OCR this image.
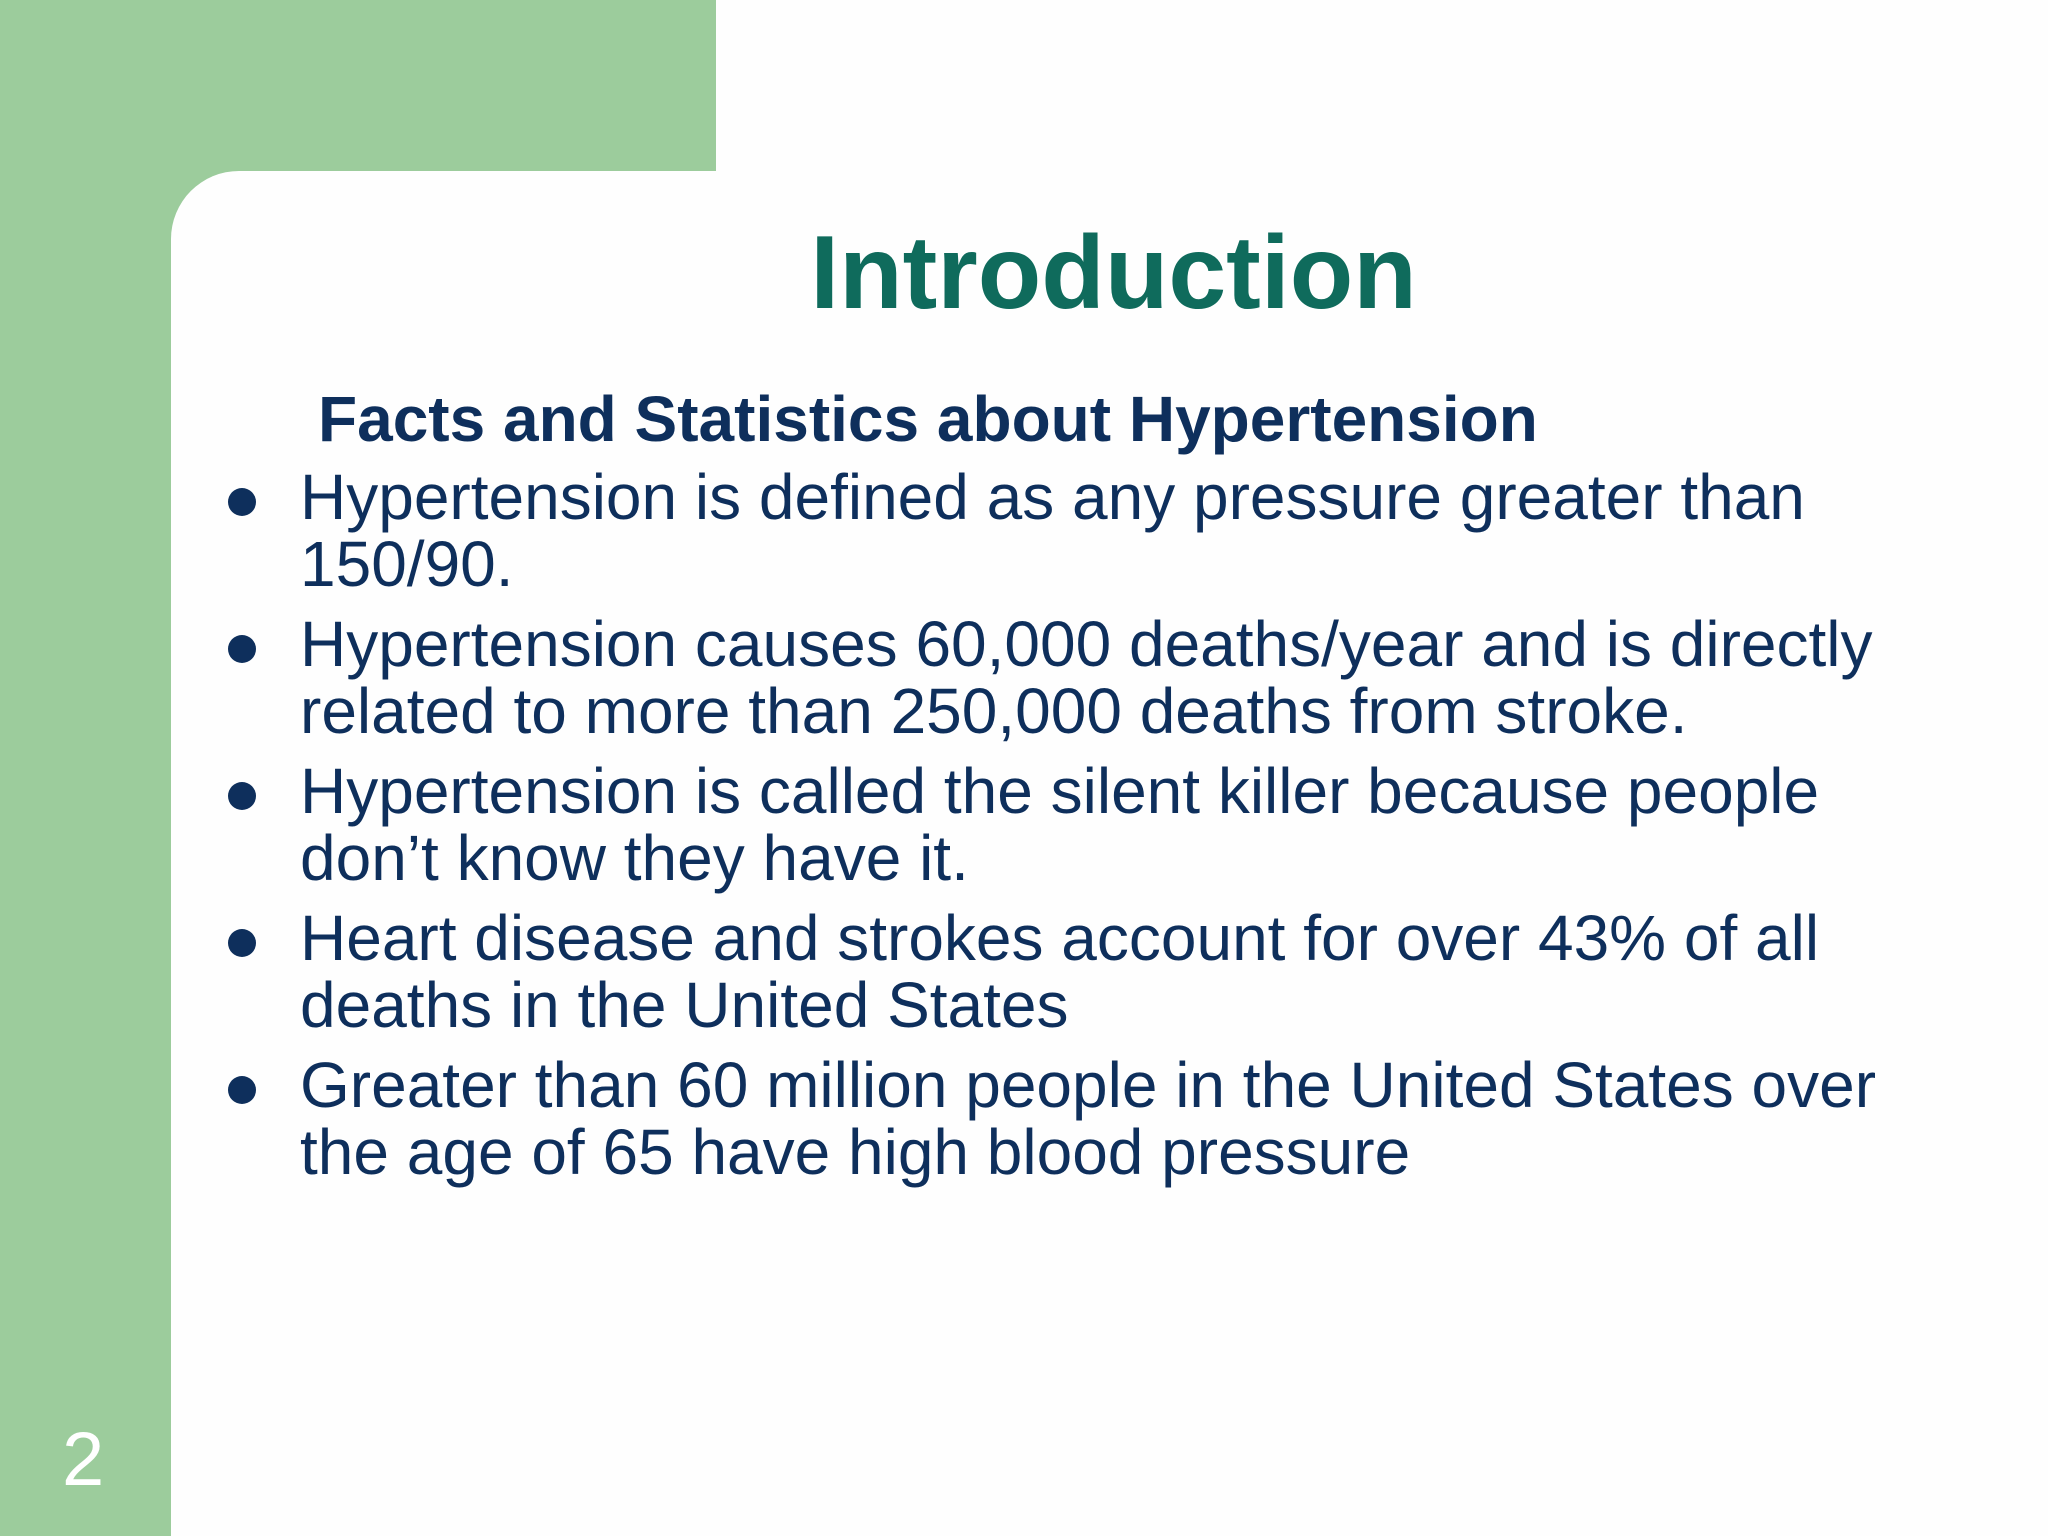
Introduction
Facts and Statistics about Hypertension
Hypertension is defined as any pressure greater than 150/90.
Hypertension causes 60,000 deaths/year and is directly related to more than 250,000 deaths from stroke.
Hypertension is called the silent killer because people don’t know they have it.
Heart disease and strokes account for over 43% of all deaths in the United States
Greater than 60 million people in the United States over the age of 65 have high blood pressure
2
